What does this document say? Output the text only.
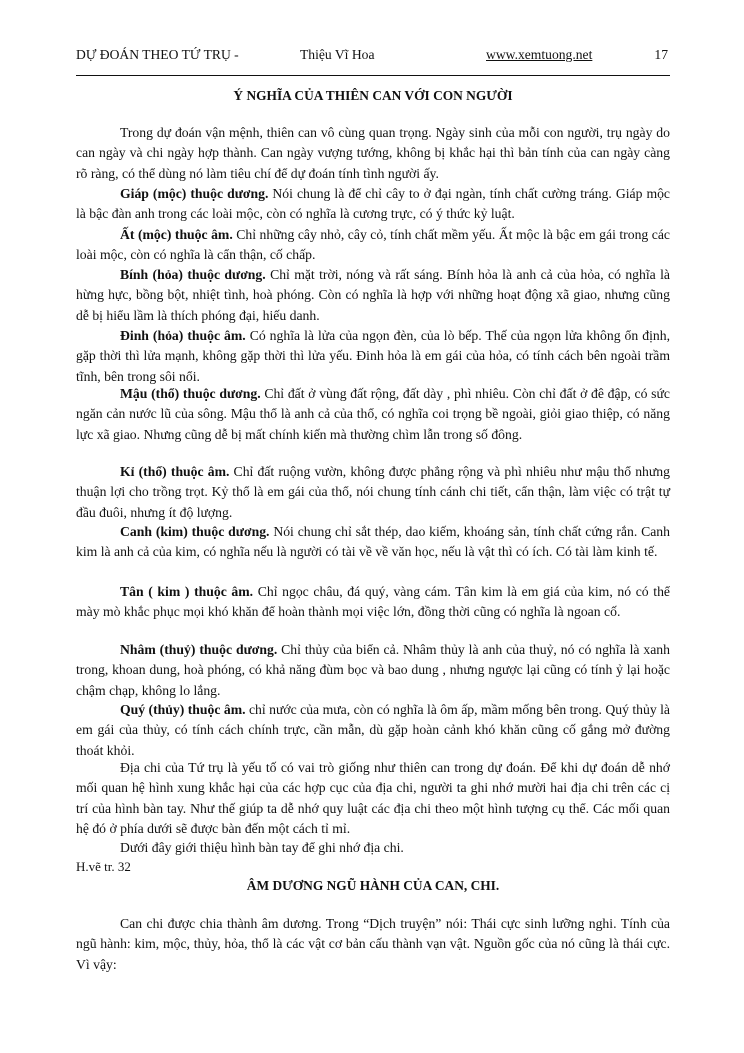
DỰ ĐOÁN THEO TỨ TRỤ -	Thiệu Vĩ Hoa	www.xemtuong.net	17
Ý NGHĨA CỦA THIÊN CAN VỚI CON NGƯỜI

Trong dự đoán vận mệnh, thiên can vô cùng quan trọng. Ngày sinh của mỗi con người, trụ ngày do can ngày và chi ngày hợp thành. Can ngày vượng tướng, không bị khắc hại thì bản tính của can ngày càng rõ ràng, có thể dùng nó làm tiêu chí để dự đoán tính tình người ấy.

Giáp (mộc) thuộc dương. Nói chung là để chỉ cây to ở đại ngàn, tính chất cường tráng. Giáp mộc là bậc đàn anh trong các loài mộc, còn có nghĩa là cương trực, có ý thức kỷ luật.

Ất (mộc) thuộc âm. Chỉ những cây nhỏ, cây cỏ, tính chất mềm yếu. Ất mộc là bậc em gái trong các loài mộc, còn có nghĩa là cẩn thận, cố chấp.

Bính (hỏa) thuộc dương. Chỉ mặt trời, nóng và rất sáng. Bính hỏa là anh cả của hỏa, có nghĩa là hừng hực, bồng bột, nhiệt tình, hoà phóng. Còn có nghĩa là hợp với những hoạt động xã giao, nhưng cũng dễ bị hiểu lầm là thích phóng đại, hiếu danh.

Đinh (hỏa) thuộc âm. Có nghĩa là lửa của ngọn đèn, của lò bếp. Thế của ngọn lửa không ổn định, gặp thời thì lửa mạnh, không gặp thời thì lửa yếu. Đinh hỏa là em gái của hỏa, có tính cách bên ngoài trầm tĩnh, bên trong sôi nổi.

Mậu (thổ) thuộc dương. Chỉ đất ở vùng đất rộng, đất dày , phì nhiêu. Còn chỉ đất ở đê đập, có sức ngăn cản nước lũ của sông. Mậu thổ là anh cả của thổ, có nghĩa coi trọng bề ngoài, giỏi giao thiệp, có năng lực xã giao. Nhưng cũng dễ bị mất chính kiến mà thường chìm lẫn trong số đông.

Kỉ (thổ) thuộc âm. Chỉ đất ruộng vườn, không được phẳng rộng và phì nhiêu như mậu thổ nhưng thuận lợi cho trồng trọt. Kỷ thổ là em gái của thổ, nói chung tính cánh chi tiết, cẩn thận, làm việc có trật tự đầu đuôi, nhưng ít độ lượng.

Canh (kim) thuộc dương. Nói chung chỉ sắt thép, dao kiếm, khoáng sản, tính chất cứng rắn. Canh kim là anh cả của kim, có nghĩa nếu là người có tài về về văn học, nếu là vật thì có ích. Có tài làm kinh tế.

Tân ( kim ) thuộc âm. Chỉ ngọc châu, đá quý, vàng cám. Tân kim là em giá của kim, nó có thể mày mò khắc phục mọi khó khăn để hoàn thành mọi việc lớn, đồng thời cũng có nghĩa là ngoan cố.

Nhâm (thuỷ) thuộc dương. Chỉ thủy của biển cả. Nhâm thủy là anh của thuỷ, nó có nghĩa là xanh trong, khoan dung, hoà phóng, có khả năng đùm bọc và bao dung , nhưng ngược lại cũng có tính ỷ lại hoặc chậm chạp, không lo lắng.

Quý (thủy) thuộc âm. chỉ nước của mưa, còn có nghĩa là ôm ấp, mầm mống bên trong. Quý thủy là em gái của thủy, có tính cách chính trực, cần mẫn, dù gặp hoàn cảnh khó khăn cũng cố gắng mở đường thoát khỏi.

Địa chi của Tứ trụ là yếu tố có vai trò giống như thiên can trong dự đoán. Để khi dự đoán dễ nhớ mối quan hệ hình xung khắc hại của các hợp cục của địa chi, người ta ghi nhớ mười hai địa chi trên các cị trí của hình bàn tay. Như thế giúp ta dễ nhớ quy luật các địa chi theo một hình tượng cụ thể. Các mối quan hệ đó ở phía dưới sẽ được bàn đến một cách tỉ mỉ.

Dưới đây giới thiệu hình bàn tay để ghi nhớ địa chi.

H.vẽ tr. 32
ÂM DƯƠNG NGŨ HÀNH CỦA CAN, CHI.

Can chi được chia thành âm dương. Trong “Dịch truyện” nói: Thái cực sinh lưỡng nghi. Tính của ngũ hành: kim, mộc, thủy, hỏa, thổ là các vật cơ bản cấu thành vạn vật. Nguồn gốc của nó cũng là thái cực. Vì vậy:
